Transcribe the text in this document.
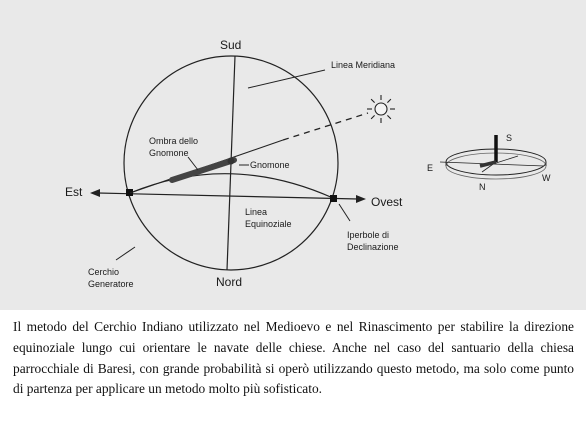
Sud
Nord
Est
Ovest
Linea Meridiana
Ombra dello
Gnomone
Gnomone
Linea
Equinoziale
Iperbole di
Declinazione
Cerchio
Generatore
S
E
N
W
Il metodo del Cerchio Indiano utilizzato nel Medioevo e nel Rinascimento per stabilire la direzione equinoziale lungo cui orientare le navate delle chiese. Anche nel caso del santuario della chiesa parrocchiale di Baresi, con grande probabilità si operò utilizzando questo metodo, ma solo come punto di partenza per applicare un metodo molto più sofisticato.
